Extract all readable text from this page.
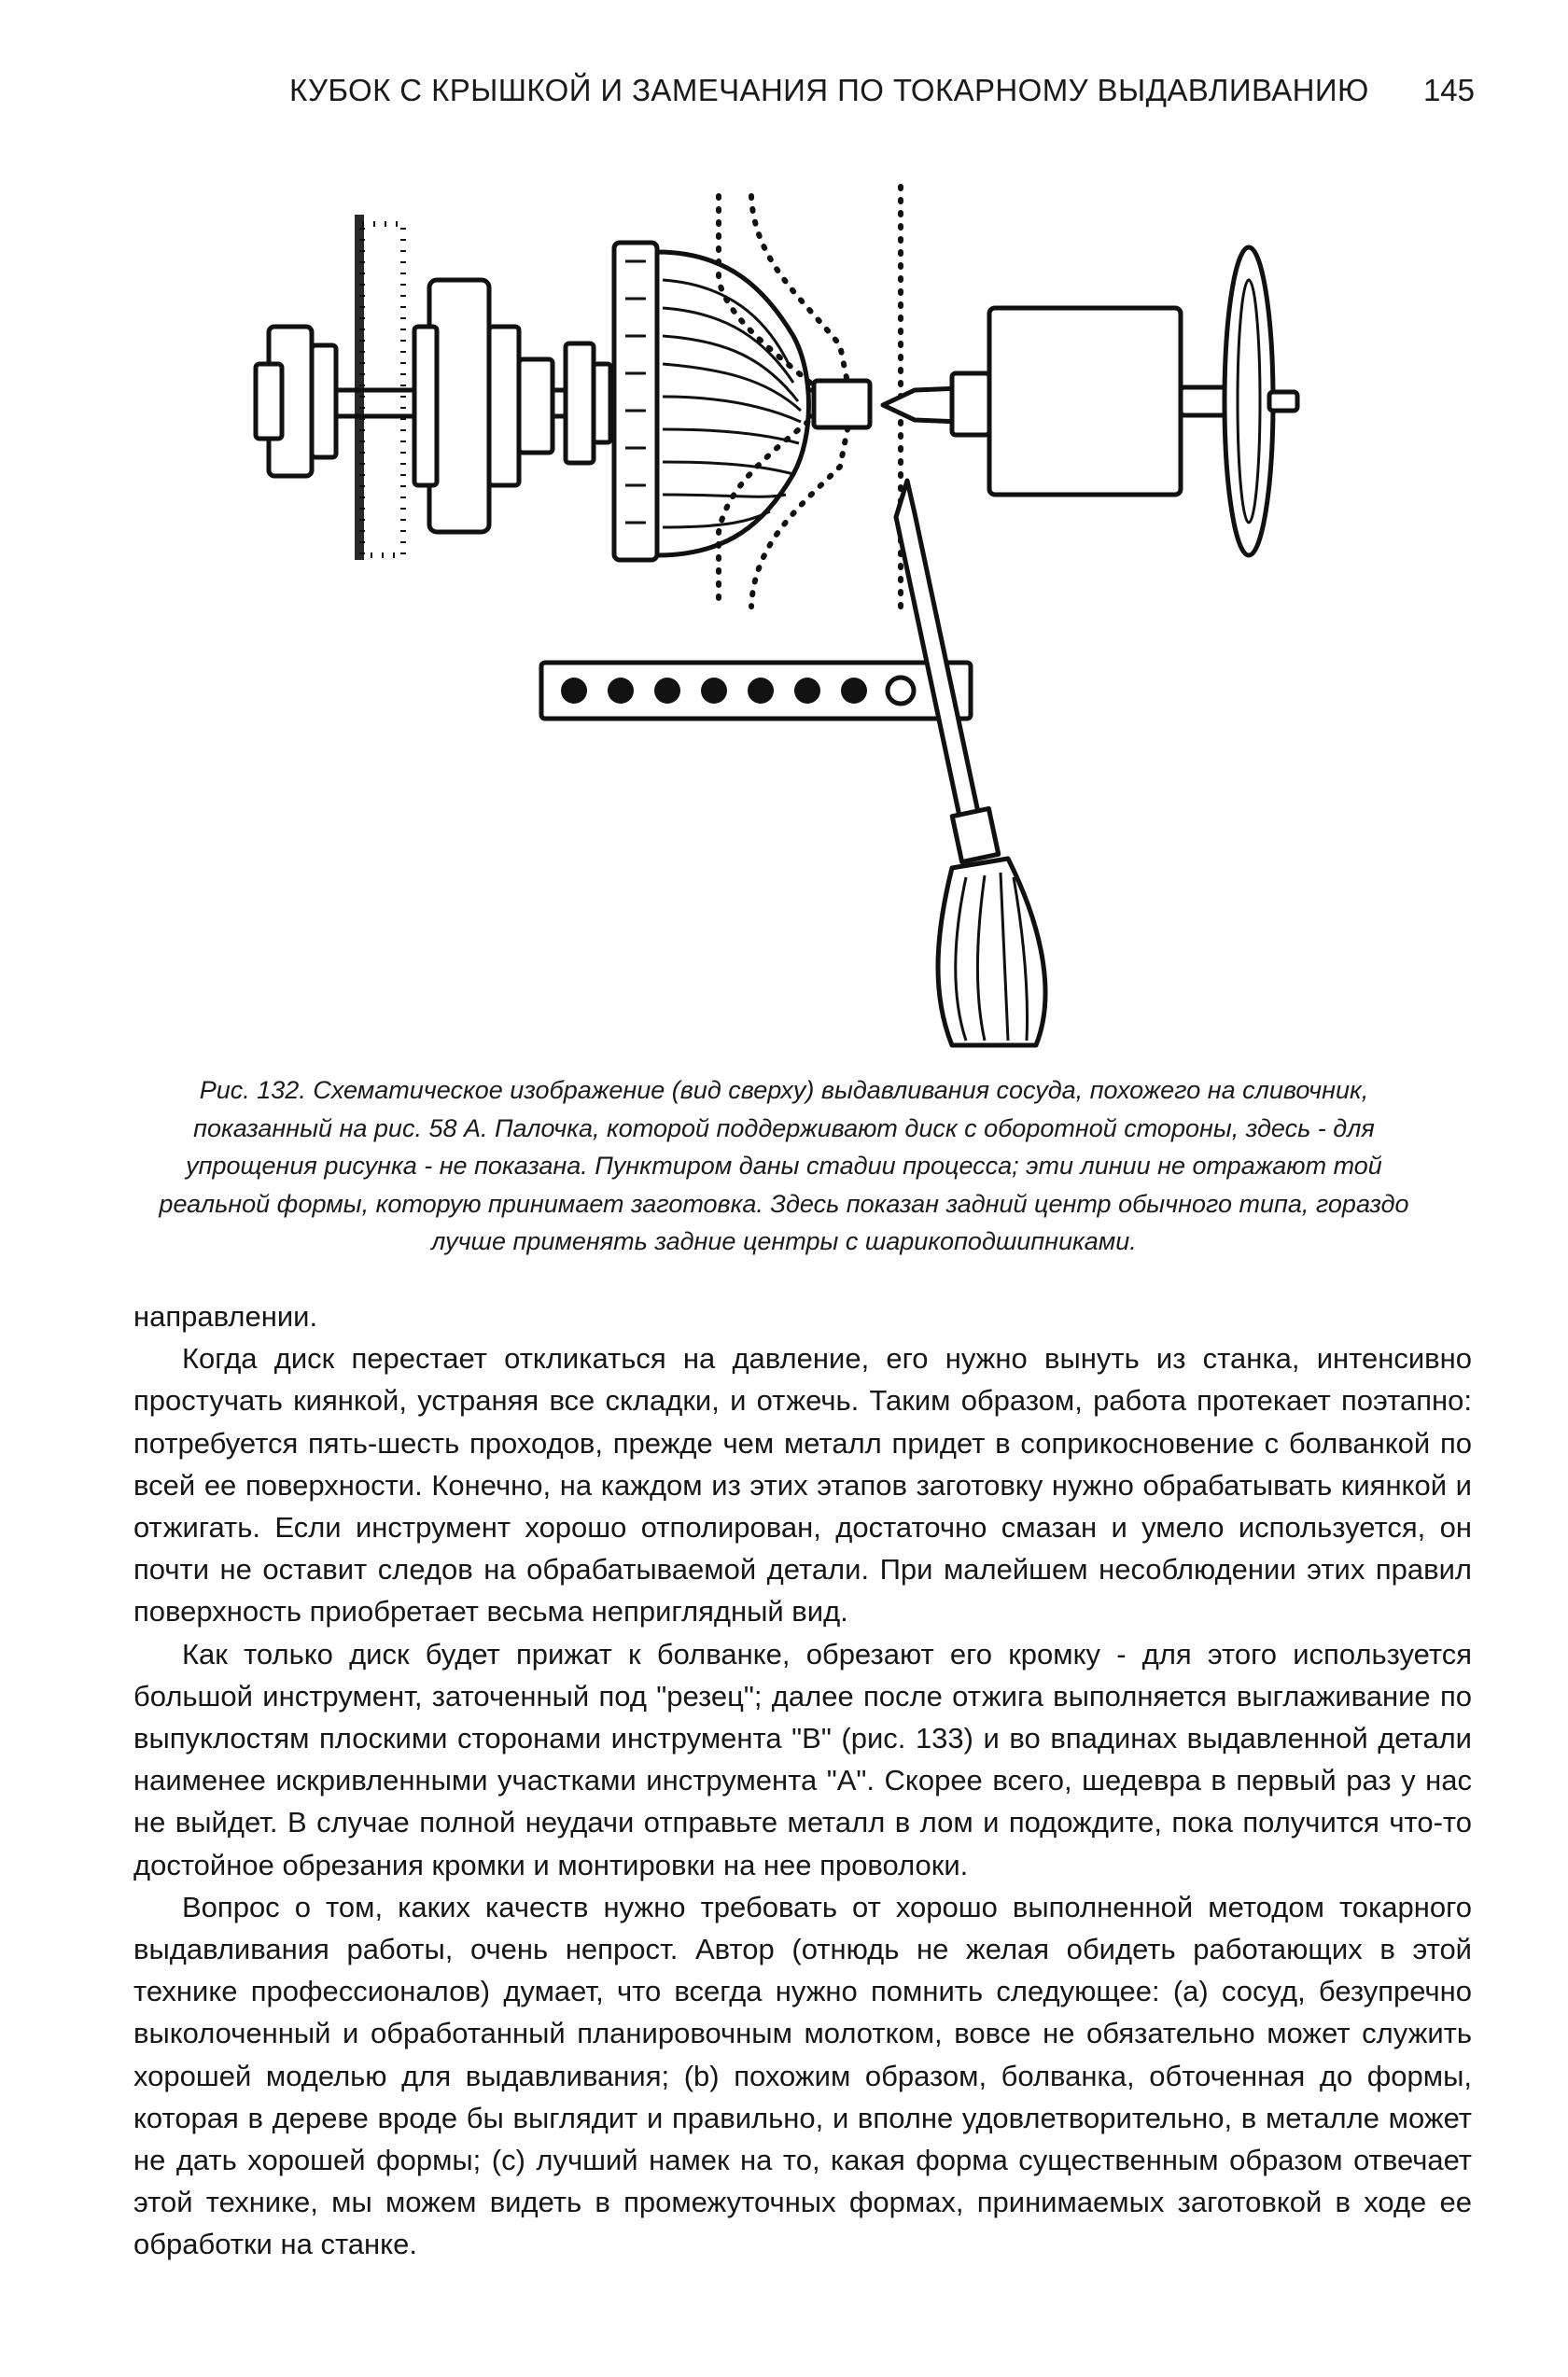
КУБОК С КРЫШКОЙ И ЗАМЕЧАНИЯ ПО ТОКАРНОМУ ВЫДАВЛИВАНИЮ 145

Рис. 132. Схематическое изображение (вид сверху) выдавливания сосуда, похожего на сливочник, показанный на рис. 58 А. Палочка, которой поддерживают диск с оборотной стороны, здесь - для упрощения рисунка - не показана. Пунктиром даны стадии процесса; эти линии не отражают той реальной формы, которую принимает заготовка. Здесь показан задний центр обычного типа, гораздо лучше применять задние центры с шарикоподшипниками.

направлении.

Когда диск перестает откликаться на давление, его нужно вынуть из станка, интенсивно простучать киянкой, устраняя все складки, и отжечь. Таким образом, работа протекает поэтапно: потребуется пять-шесть проходов, прежде чем металл придет в соприкосновение с болванкой по всей ее поверхности. Конечно, на каждом из этих этапов заготовку нужно обрабатывать киянкой и отжигать. Если инструмент хорошо отполирован, достаточно смазан и умело используется, он почти не оставит следов на обрабатываемой детали. При малейшем несоблюдении этих правил поверхность приобретает весьма неприглядный вид.

Как только диск будет прижат к болванке, обрезают его кромку - для этого используется большой инструмент, заточенный под "резец"; далее после отжига выполняется выглаживание по выпуклостям плоскими сторонами инструмента "В" (рис. 133) и во впадинах выдавленной детали наименее искривленными участками инструмента "А". Скорее всего, шедевра в первый раз у нас не выйдет. В случае полной неудачи отправьте металл в лом и подождите, пока получится что-то достойное обрезания кромки и монтировки на нее проволоки.

Вопрос о том, каких качеств нужно требовать от хорошо выполненной методом токарного выдавливания работы, очень непрост. Автор (отнюдь не желая обидеть работающих в этой технике профессионалов) думает, что всегда нужно помнить следующее: (а) сосуд, безупречно выколоченный и обработанный планировочным молотком, вовсе не обязательно может служить хорошей моделью для выдавливания; (b) похожим образом, болванка, обточенная до формы, которая в дереве вроде бы выглядит и правильно, и вполне удовлетворительно, в металле может не дать хорошей формы; (с) лучший намек на то, какая форма существенным образом отвечает этой технике, мы можем видеть в промежуточных формах, принимаемых заготовкой в ходе ее обработки на станке.
